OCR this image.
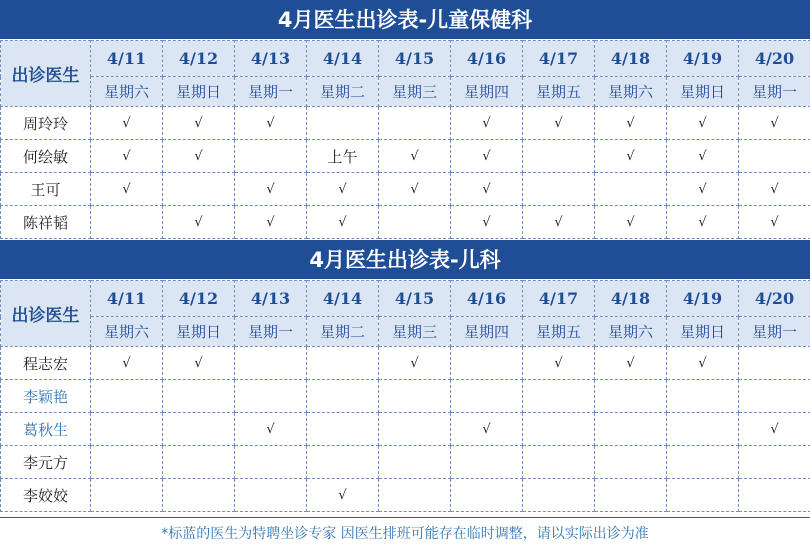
4月医生出诊表-儿童保健科
出诊医生	4/11	4/12	4/13	4/14	4/15	4/16	4/17	4/18	4/19	4/20
	星期六	星期日	星期一	星期二	星期三	星期四	星期五	星期六	星期日	星期一
周玲玲	√	√	√			√	√	√	√	√
何绘敏	√	√		上午	√	√		√	√	
王可	√		√	√	√	√			√	√
陈祥韬		√	√	√		√	√	√	√	√
4月医生出诊表-儿科
出诊医生	4/11	4/12	4/13	4/14	4/15	4/16	4/17	4/18	4/19	4/20
	星期六	星期日	星期一	星期二	星期三	星期四	星期五	星期六	星期日	星期一
程志宏	√	√			√		√	√	√	
李颖艳										
葛秋生			√			√				√
李元方										
李姣姣				√						
*标蓝的医生为特聘坐诊专家 因医生排班可能存在临时调整，请以实际出诊为准
